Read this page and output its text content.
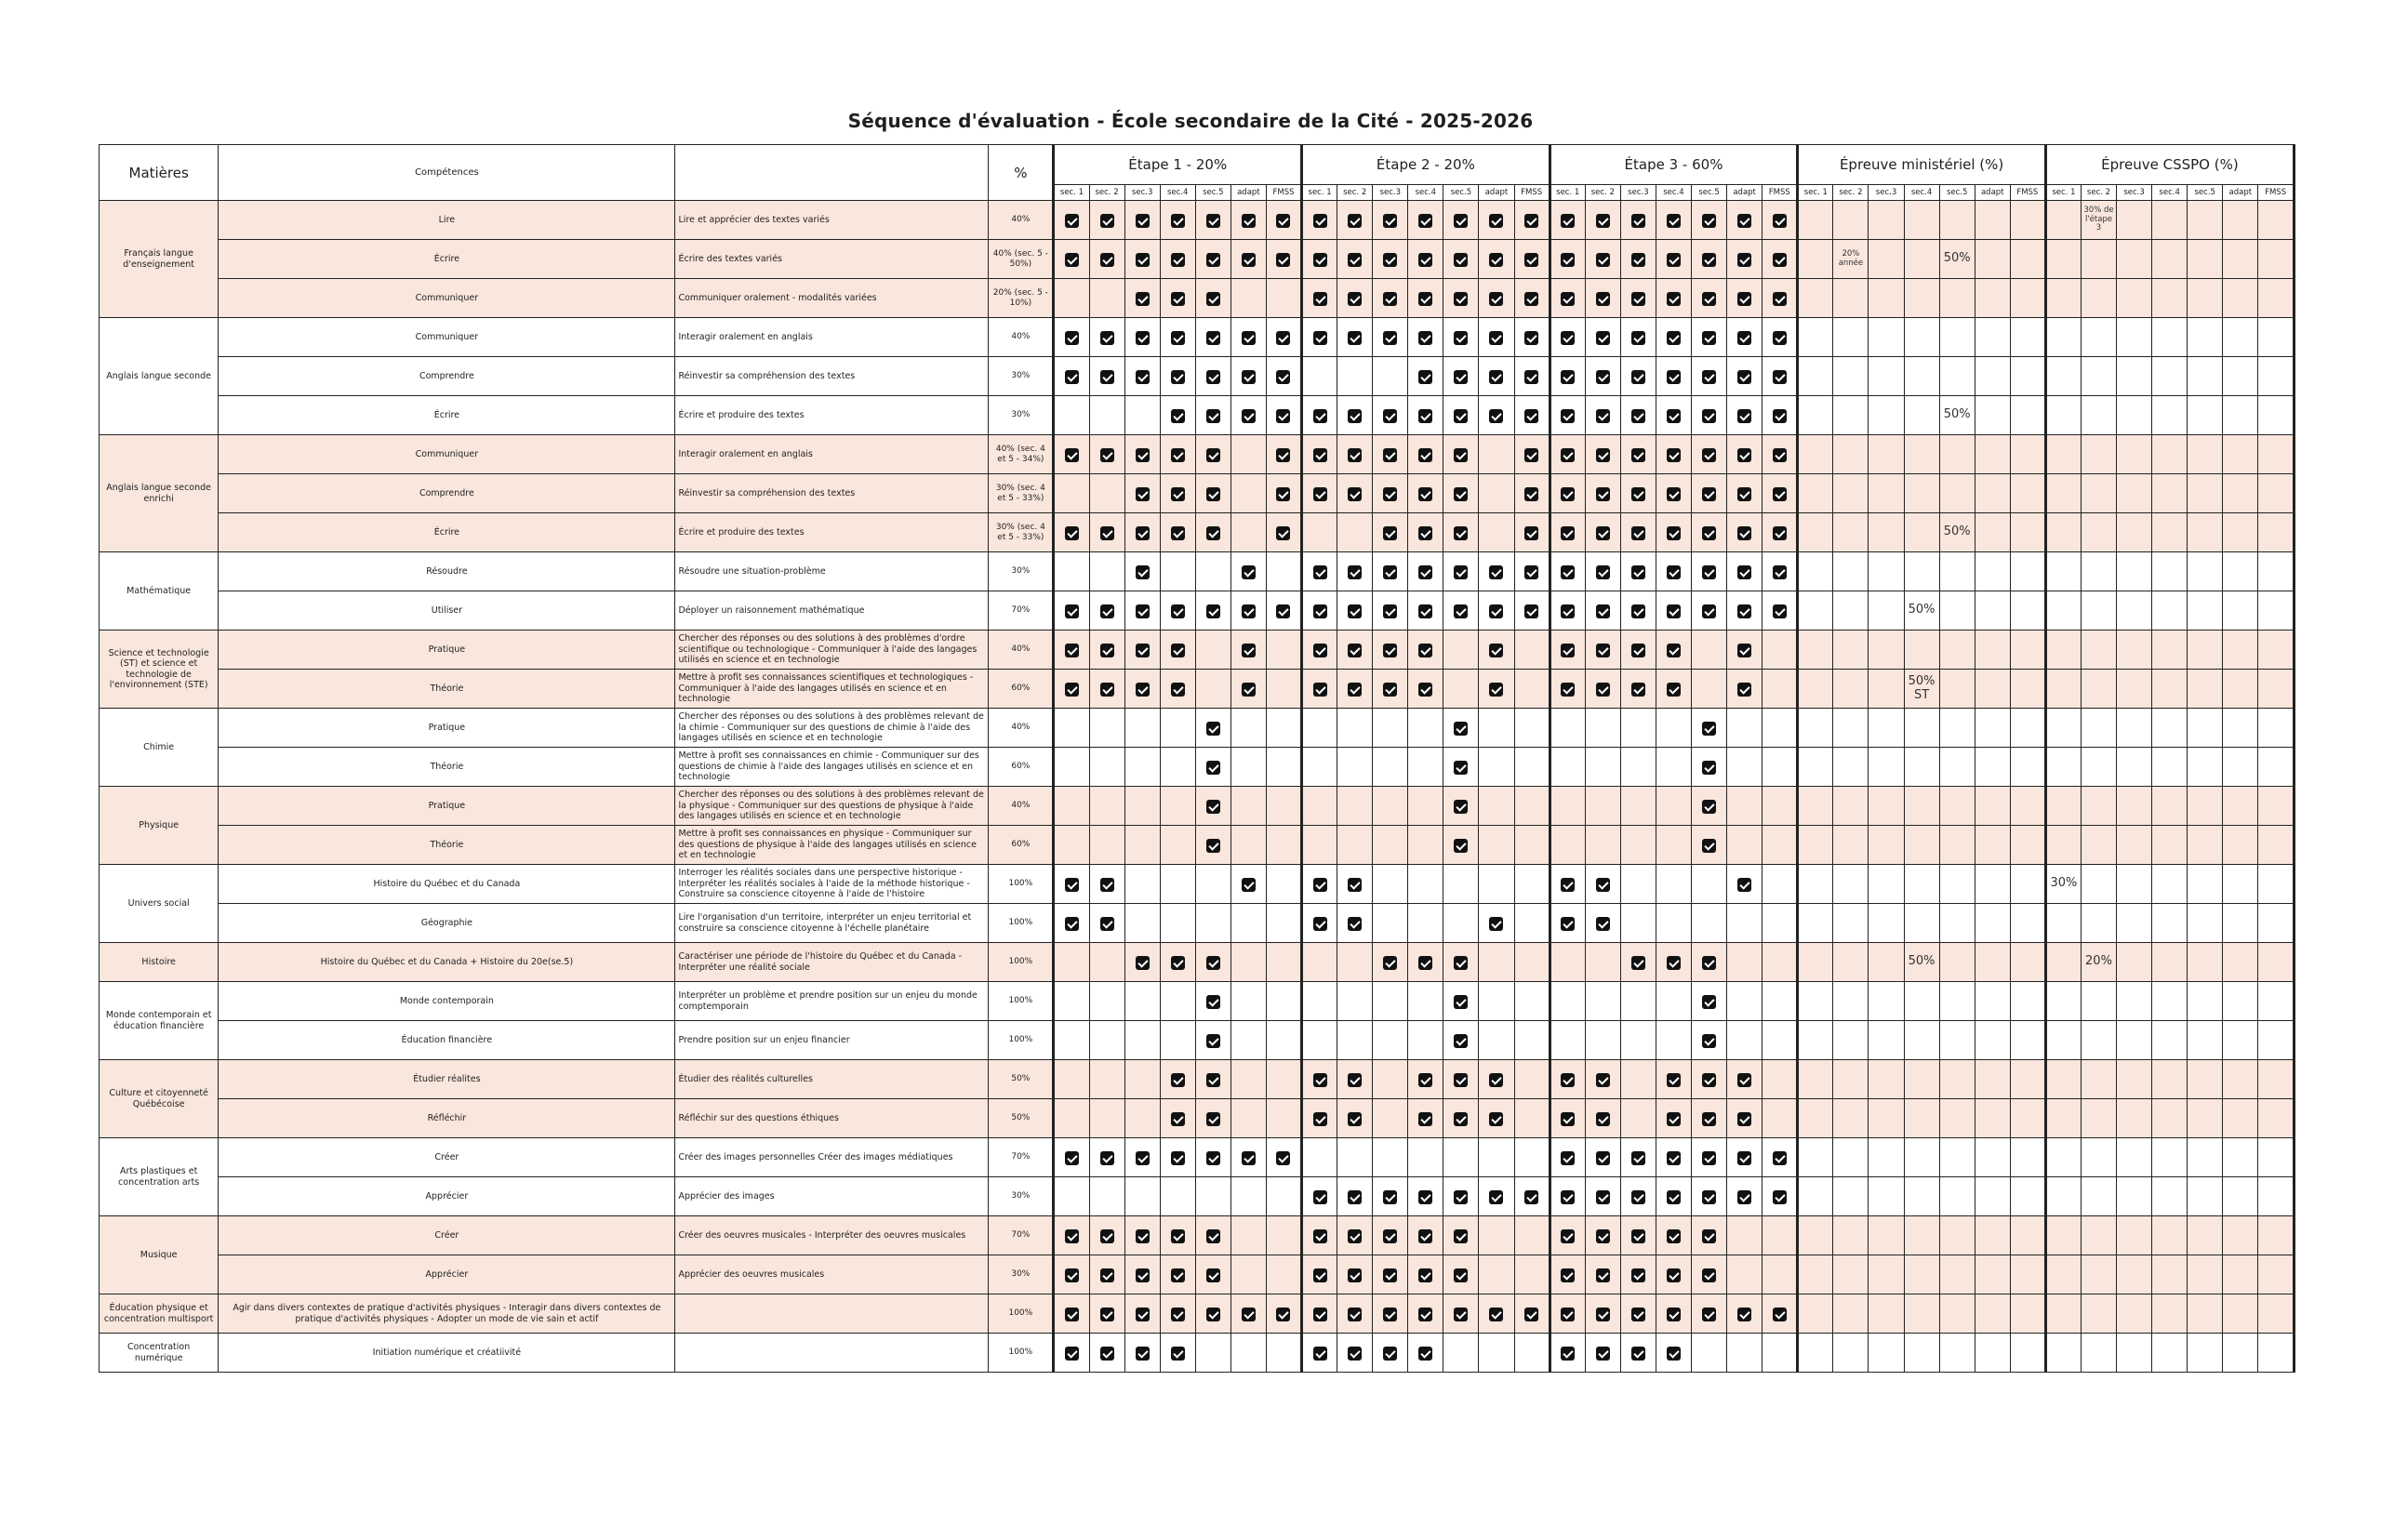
Séquence d'évaluation - École secondaire de la Cité - 2025-2026
Matières	Compétences		%	Étape 1 - 20%							Étape 2 - 20%							Étape 3 - 60%							Épreuve ministériel (%)							Épreuve CSSPO (%)						
				sec. 1	sec. 2	sec.3	sec.4	sec.5	adapt	FMSS	sec. 1	sec. 2	sec.3	sec.4	sec.5	adapt	FMSS	sec. 1	sec. 2	sec.3	sec.4	sec.5	adapt	FMSS	sec. 1	sec. 2	sec.3	sec.4	sec.5	adapt	FMSS	sec. 1	sec. 2	sec.3	sec.4	sec.5	adapt	FMSS
Français langue d'enseignement	Lire	Lire et apprécier des textes variés	40%																														30% de l'étape 3					
	Écrire	Écrire des textes variés	40% (sec. 5 - 50%)																							20% année			50%									
	Communiquer	Communiquer oralement - modalités variées	20% (sec. 5 - 10%)																																			
Anglais langue seconde	Communiquer	Interagir oralement en anglais	40%																																			
	Comprendre	Réinvestir sa compréhension des textes	30%																																			
	Écrire	Écrire et produire des textes	30%																										50%									
Anglais langue seconde enrichi	Communiquer	Interagir oralement en anglais	40% (sec. 4 et 5 - 34%)																																			
	Comprendre	Réinvestir sa compréhension des textes	30% (sec. 4 et 5 - 33%)																																			
	Écrire	Écrire et produire des textes	30% (sec. 4 et 5 - 33%)																										50%									
Mathématique	Résoudre	Résoudre une situation-problème	30%																																			
	Utiliser	Déployer un raisonnement mathématique	70%																									50%										
Science et technologie (ST) et science et technologie de l'environnement (STE)	Pratique	Chercher des réponses ou des solutions à des problèmes d'ordre scientifique ou technologique - Communiquer à l'aide des langages utilisés en science et en technologie	40%																																			
	Théorie	Mettre à profit ses connaissances scientifiques et technologiques - Communiquer à l'aide des langages utilisés en science et en technologie	60%																									50% ST										
Chimie	Pratique	Chercher des réponses ou des solutions à des problèmes relevant de la chimie - Communiquer sur des questions de chimie à l'aide des langages utilisés en science et en technologie	40%																																			
	Théorie	Mettre à profit ses connaissances en chimie - Communiquer sur des questions de chimie à l'aide des langages utilisés en science et en technologie	60%																																			
Physique	Pratique	Chercher des réponses ou des solutions à des problèmes relevant de la physique - Communiquer sur des questions de physique à l'aide des langages utilisés en science et en technologie	40%																																			
	Théorie	Mettre à profit ses connaissances en physique - Communiquer sur des questions de physique à l'aide des langages utilisés en science et en technologie	60%																																			
Univers social	Histoire du Québec et du Canada	Interroger les réalités sociales dans une perspective historique - Interpréter les réalités sociales à l'aide de la méthode historique - Construire sa conscience citoyenne à l'aide de l'histoire	100%																													30%						
	Géographie	Lire l'organisation d'un territoire, interpréter un enjeu territorial et construire sa conscience citoyenne à l'échelle planétaire	100%																																			
Histoire	Histoire du Québec et du Canada + Histoire du 20e(se.5)	Caractériser une période de l'histoire du Québec et du Canada - Interpréter une réalité sociale	100%																									50%					20%					
Monde contemporain et éducation financière	Monde contemporain	Interpréter un problème et prendre position sur un enjeu du monde comptemporain	100%																																			
	Éducation financière	Prendre position sur un enjeu financier	100%																																			
Culture et citoyenneté Québécoise	Étudier réalites	Étudier des réalités culturelles	50%																																			
	Réfléchir	Réfléchir sur des questions éthiques	50%																																			
Arts plastiques et concentration arts	Créer	Créer des images personnelles Créer des images médiatiques	70%																																			
	Apprécier	Apprécier des images	30%																																			
Musique	Créer	Créer des oeuvres musicales - Interpréter des oeuvres musicales	70%																																			
	Apprécier	Apprécier des oeuvres musicales	30%																																			
Éducation physique et concentration multisport	Agir dans divers contextes de pratique d'activités physiques - Interagir dans divers contextes de pratique d'activités physiques - Adopter un mode de vie sain et actif		100%																																			
Concentration numérique	Initiation numérique et créatiivité		100%																																			
